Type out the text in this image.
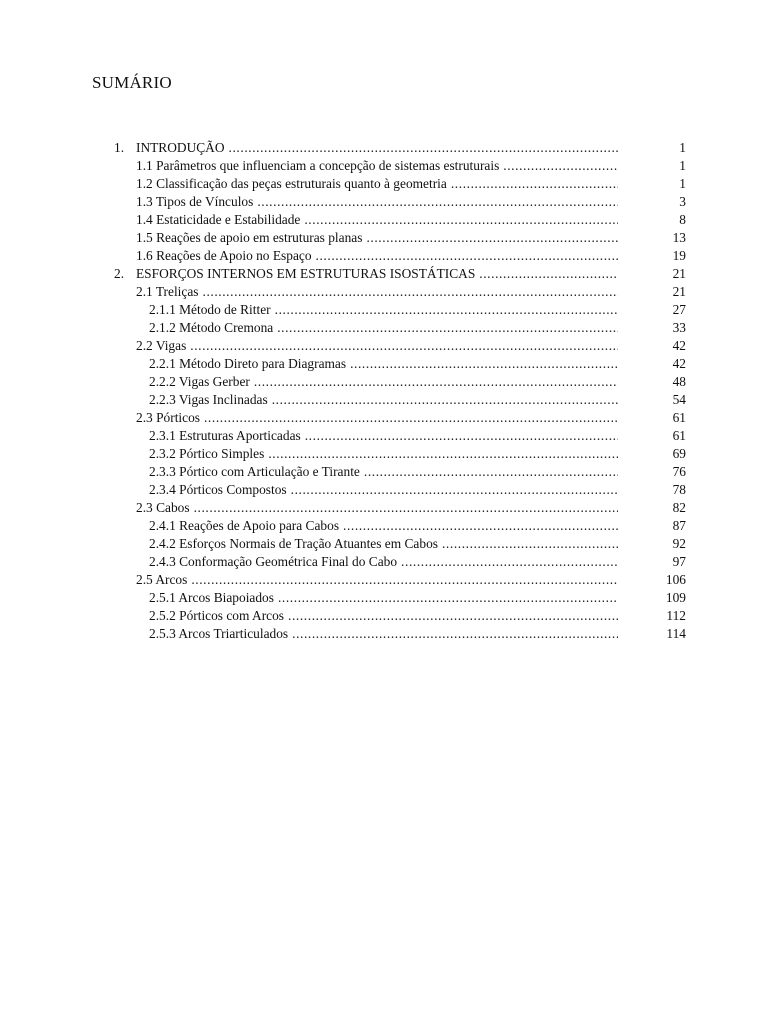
SUMÁRIO
1. INTRODUÇÃO .....	1
1.1 Parâmetros que influenciam a concepção de sistemas estruturais .....	1
1.2 Classificação das peças estruturais quanto à geometria .....	1
1.3 Tipos de Vínculos .....	3
1.4 Estaticidade e Estabilidade .....	8
1.5 Reações de apoio em estruturas planas .....	13
1.6 Reações de Apoio no Espaço .....	19
2. ESFORÇOS INTERNOS EM ESTRUTURAS ISOSTÁTICAS .....	21
2.1 Treliças .....	21
2.1.1 Método de Ritter .....	27
2.1.2 Método Cremona .....	33
2.2 Vigas .....	42
2.2.1 Método Direto para Diagramas .....	42
2.2.2 Vigas Gerber .....	48
2.2.3 Vigas Inclinadas .....	54
2.3 Pórticos .....	61
2.3.1 Estruturas Aporticadas .....	61
2.3.2 Pórtico Simples .....	69
2.3.3 Pórtico com Articulação e Tirante .....	76
2.3.4 Pórticos Compostos .....	78
2.3 Cabos .....	82
2.4.1 Reações de Apoio para Cabos .....	87
2.4.2 Esforços Normais de Tração Atuantes em Cabos .....	92
2.4.3 Conformação Geométrica Final do Cabo .....	97
2.5 Arcos .....	106
2.5.1 Arcos Biapoiados .....	109
2.5.2 Pórticos com Arcos .....	112
2.5.3 Arcos Triarticulados .....	114
